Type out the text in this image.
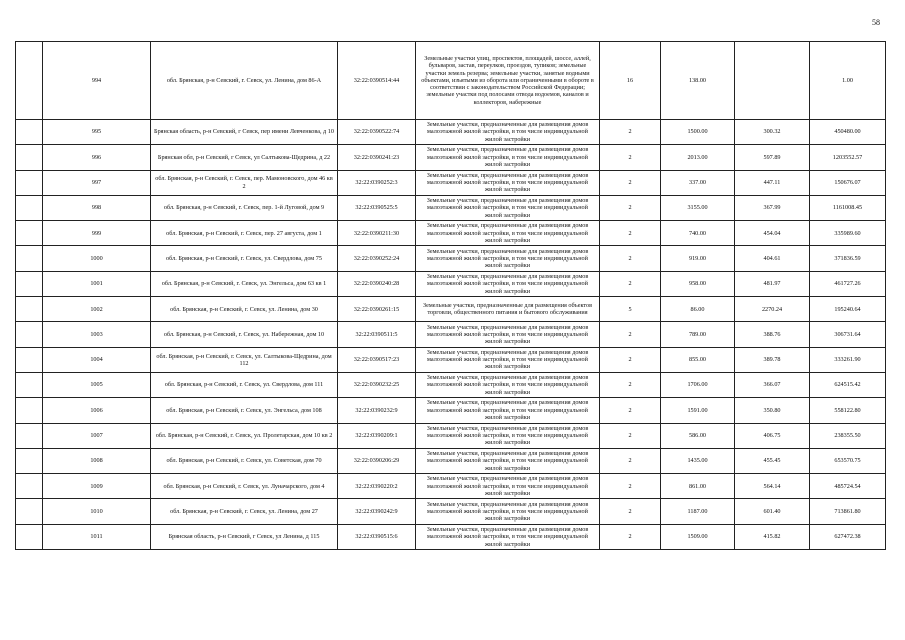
58
	994	обл. Брянская, р-н Севский, г. Севск, ул. Ленина, дом 86-А	32:22:0390514:44	Земельные участки улиц, проспектов, площадей, шоссе, аллей, бульваров, застав, переулков, проездов, тупиков; земельные участки земель резерва; земельные участки, занятые водными объектами, изъятыми из оборота или ограниченными в обороте в соответствии с законодательством Российской Федерации; земельные участки под полосами отвода водоемов, каналов и коллекторов, набережные	16	138.00		1.00
	995	Брянская область, р-н Севский, г Севск, пер имени Левченкова, д 10	32:22:0390522:74	Земельные участки, предназначенные для размещения домов малоэтажной жилой застройки, в том числе индивидуальной жилой застройки	2	1500.00	300.32	450480.00
	996	Брянская обл, р-н Севский, г Севск, ул Салтыкова-Щедрина, д 22	32:22:0390241:23	Земельные участки, предназначенные для размещения домов малоэтажной жилой застройки, в том числе индивидуальной жилой застройки	2	2013.00	597.89	1203552.57
	997	обл. Брянская, р-н Севский, г. Севск, пер. Мамоновского, дом 46 кв 2	32:22:0390252:3	Земельные участки, предназначенные для размещения домов малоэтажной жилой застройки, в том числе индивидуальной жилой застройки	2	337.00	447.11	150676.07
	998	обл. Брянская, р-н Севский, г. Севск, пер. 1-й Луговой, дом 9	32:22:0390525:5	Земельные участки, предназначенные для размещения домов малоэтажной жилой застройки, в том числе индивидуальной жилой застройки	2	3155.00	367.99	1161008.45
	999	обл. Брянская, р-н Севский, г. Севск, пер. 27 августа, дом 1	32:22:0390211:30	Земельные участки, предназначенные для размещения домов малоэтажной жилой застройки, в том числе индивидуальной жилой застройки	2	740.00	454.04	335989.60
	1000	обл. Брянская, р-н Севский, г. Севск, ул. Свердлова, дом 75	32:22:0390252:24	Земельные участки, предназначенные для размещения домов малоэтажной жилой застройки, в том числе индивидуальной жилой застройки	2	919.00	404.61	371836.59
	1001	обл. Брянская, р-н Севский, г. Севск, ул. Энгельса, дом 63 кв 1	32:22:0390240:28	Земельные участки, предназначенные для размещения домов малоэтажной жилой застройки, в том числе индивидуальной жилой застройки	2	958.00	481.97	461727.26
	1002	обл. Брянская, р-н Севский, г. Севск, ул. Ленина, дом 30	32:22:0390261:15	Земельные участки, предназначенные для размещения объектов торговли, общественного питания и бытового обслуживания	5	86.00	2270.24	195240.64
	1003	обл. Брянская, р-н Севский, г. Севск, ул. Набережная, дом 10	32:22:0390511:5	Земельные участки, предназначенные для размещения домов малоэтажной жилой застройки, в том числе индивидуальной жилой застройки	2	789.00	388.76	306731.64
	1004	обл. Брянская, р-н Севский, г. Севск, ул. Салтыкова-Щедрина, дом 112	32:22:0390517:23	Земельные участки, предназначенные для размещения домов малоэтажной жилой застройки, в том числе индивидуальной жилой застройки	2	855.00	389.78	333261.90
	1005	обл. Брянская, р-н Севский, г. Севск, ул. Свердлова, дом 111	32:22:0390232:25	Земельные участки, предназначенные для размещения домов малоэтажной жилой застройки, в том числе индивидуальной жилой застройки	2	1706.00	366.07	624515.42
	1006	обл. Брянская, р-н Севский, г. Севск, ул. Энгельса, дом 108	32:22:0390232:9	Земельные участки, предназначенные для размещения домов малоэтажной жилой застройки, в том числе индивидуальной жилой застройки	2	1591.00	350.80	558122.80
	1007	обл. Брянская, р-н Севский, г. Севск, ул. Пролетарская, дом 10 кв 2	32:22:0390209:1	Земельные участки, предназначенные для размещения домов малоэтажной жилой застройки, в том числе индивидуальной жилой застройки	2	586.00	406.75	238355.50
	1008	обл. Брянская, р-н Севский, г. Севск, ул. Советская, дом 70	32:22:0390206:29	Земельные участки, предназначенные для размещения домов малоэтажной жилой застройки, в том числе индивидуальной жилой застройки	2	1435.00	455.45	653570.75
	1009	обл. Брянская, р-н Севский, г. Севск, ул. Луначарского, дом 4	32:22:0390220:2	Земельные участки, предназначенные для размещения домов малоэтажной жилой застройки, в том числе индивидуальной жилой застройки	2	861.00	564.14	485724.54
	1010	обл. Брянская, р-н Севский, г. Севск, ул. Ленина, дом 27	32:22:0390242:9	Земельные участки, предназначенные для размещения домов малоэтажной жилой застройки, в том числе индивидуальной жилой застройки	2	1187.00	601.40	713861.80
	1011	Брянская область, р-н Севский, г Севск, ул Ленина, д 115	32:22:0390515:6	Земельные участки, предназначенные для размещения домов малоэтажной жилой застройки, в том числе индивидуальной жилой застройки	2	1509.00	415.82	627472.38
